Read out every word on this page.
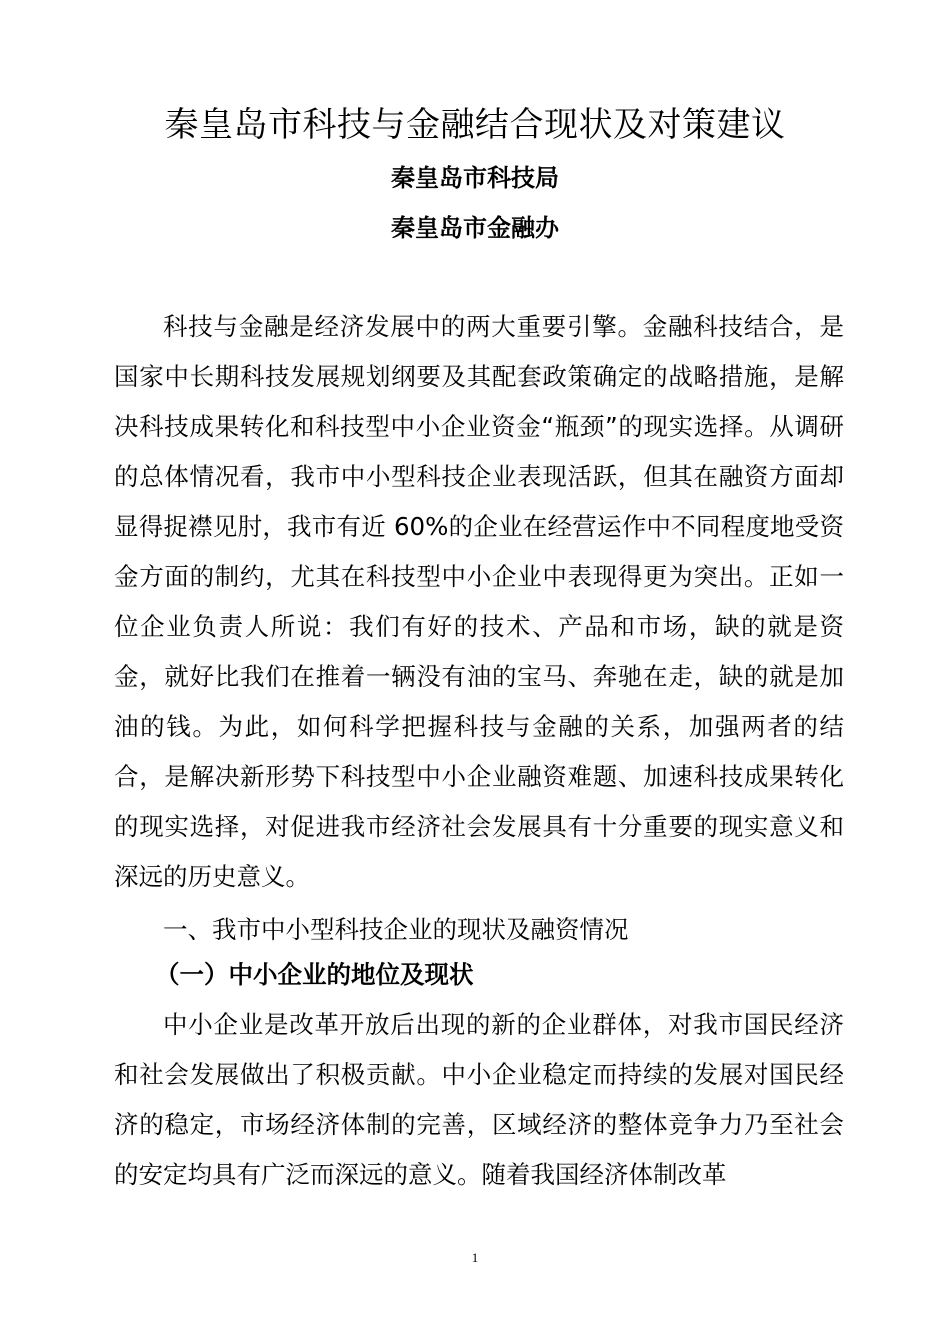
秦皇岛市科技与金融结合现状及对策建议
秦皇岛市科技局
秦皇岛市金融办
科技与金融是经济发展中的两大重要引擎。金融科技结合，是国家中长期科技发展规划纲要及其配套政策确定的战略措施，是解决科技成果转化和科技型中小企业资金“瓶颈”的现实选择。从调研的总体情况看，我市中小型科技企业表现活跃，但其在融资方面却显得捉襟见肘，我市有近 60%的企业在经营运作中不同程度地受资金方面的制约，尤其在科技型中小企业中表现得更为突出。正如一位企业负责人所说：我们有好的技术、产品和市场，缺的就是资金，就好比我们在推着一辆没有油的宝马、奔驰在走，缺的就是加油的钱。为此，如何科学把握科技与金融的关系，加强两者的结合，是解决新形势下科技型中小企业融资难题、加速科技成果转化的现实选择，对促进我市经济社会发展具有十分重要的现实意义和深远的历史意义。
一、我市中小型科技企业的现状及融资情况
（一）中小企业的地位及现状
中小企业是改革开放后出现的新的企业群体，对我市国民经济和社会发展做出了积极贡献。中小企业稳定而持续的发展对国民经济的稳定，市场经济体制的完善，区域经济的整体竞争力乃至社会的安定均具有广泛而深远的意义。随着我国经济体制改革
1
